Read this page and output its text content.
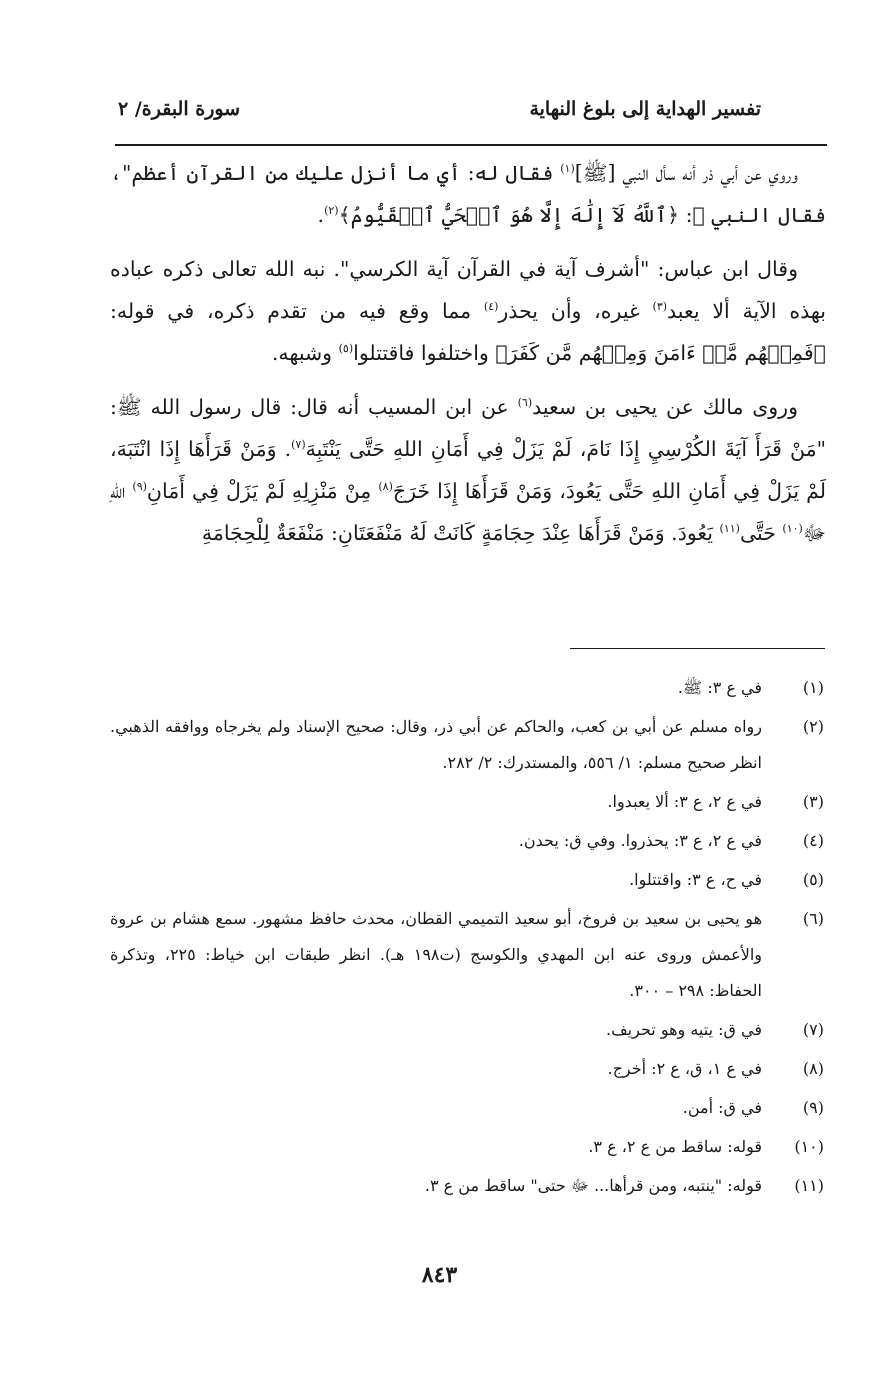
تفسير الهداية إلى بلوغ النهاية
سورة البقرة/ ٢

وروي عن أبي ذر أنه سأل النبي [ﷺ]$^{(١)}$ فقال له: أي ما أنزل عليك من القرآن أعظم"، فقال النبي ﷺ: ﴿ٱللَّهُ لَآ إِلَٰهَ إِلَّا هُوَ ٱلۡحَيُّ ٱلۡقَيُّومُ﴾$^{(٢)}$.

وقال ابن عباس: "أشرف آية في القرآن آية الكرسي". نبه الله تعالى ذكره عباده بهذه الآية ألا يعبد$^{(٣)}$ غيره، وأن يحذر$^{(٤)}$ مما وقع فيه من تقدم ذكره، في قوله: ﴿فَمِنۡهُم مَّنۡ ءَامَنَ وَمِنۡهُم مَّن كَفَرَ﴾ واختلفوا فاقتتلوا$^{(٥)}$ وشبهه.

وروى مالك عن يحيى بن سعيد$^{(٦)}$ عن ابن المسيب أنه قال: قال رسول الله ﷺ: "مَنْ قَرَأَ آيَةَ الكُرْسِيِ إِذَا نَامَ، لَمْ يَزَلْ فِي أَمَانِ اللهِ حَتَّى يَنْتَبِهَ$^{(٧)}$. وَمَنْ قَرَأَهَا إِذَا انْتَبَهَ، لَمْ يَزَلْ فِي أَمَانِ اللهِ حَتَّى يَعُودَ، وَمَنْ قَرَأَهَا إِذَا خَرَجَ$^{(٨)}$ مِنْ مَنْزِلِهِ لَمْ يَزَلْ فِي أَمَانِ$^{(٩)}$ اللهِ ﷻ$^{(١٠)}$ حَتَّى$^{(١١)}$ يَعُودَ. وَمَنْ قَرَأَهَا عِنْدَ حِجَامَةٍ كَانَتْ لَهُ مَنْفَعَتَانِ: مَنْفَعَةٌ لِلْحِجَامَةِ

(١)
في ع ٣: ﷺ.
(٢)
رواه مسلم عن أبي بن كعب، والحاكم عن أبي ذر، وقال: صحيح الإسناد ولم يخرجاه ووافقه الذهبي. انظر صحيح مسلم: ١/ ٥٥٦، والمستدرك: ٢/ ٢٨٢.
(٣)
في ع ٢، ع ٣: ألا يعبدوا.
(٤)
في ع ٢، ع ٣: يحذروا. وفي ق: يحدن.
(٥)
في ح، ع ٣: واقتتلوا.
(٦)
هو يحيى بن سعيد بن فروخ، أبو سعيد التميمي القطان، محدث حافظ مشهور. سمع هشام بن عروة والأعمش وروى عنه ابن المهدي والكوسج (ت١٩٨ هـ). انظر طبقات ابن خياط: ٢٢٥، وتذكرة الحفاظ: ٢٩٨ – ٣٠٠.
(٧)
في ق: يتيه وهو تحريف.
(٨)
في ع ١، ق، ع ٢: أخرج.
(٩)
في ق: أمن.
(١٠)
قوله: ساقط من ع ٢، ع ٣.
(١١)
قوله: "ينتبه، ومن قرأها... ﷻ حتى" ساقط من ع ٣.
٨٤٣
